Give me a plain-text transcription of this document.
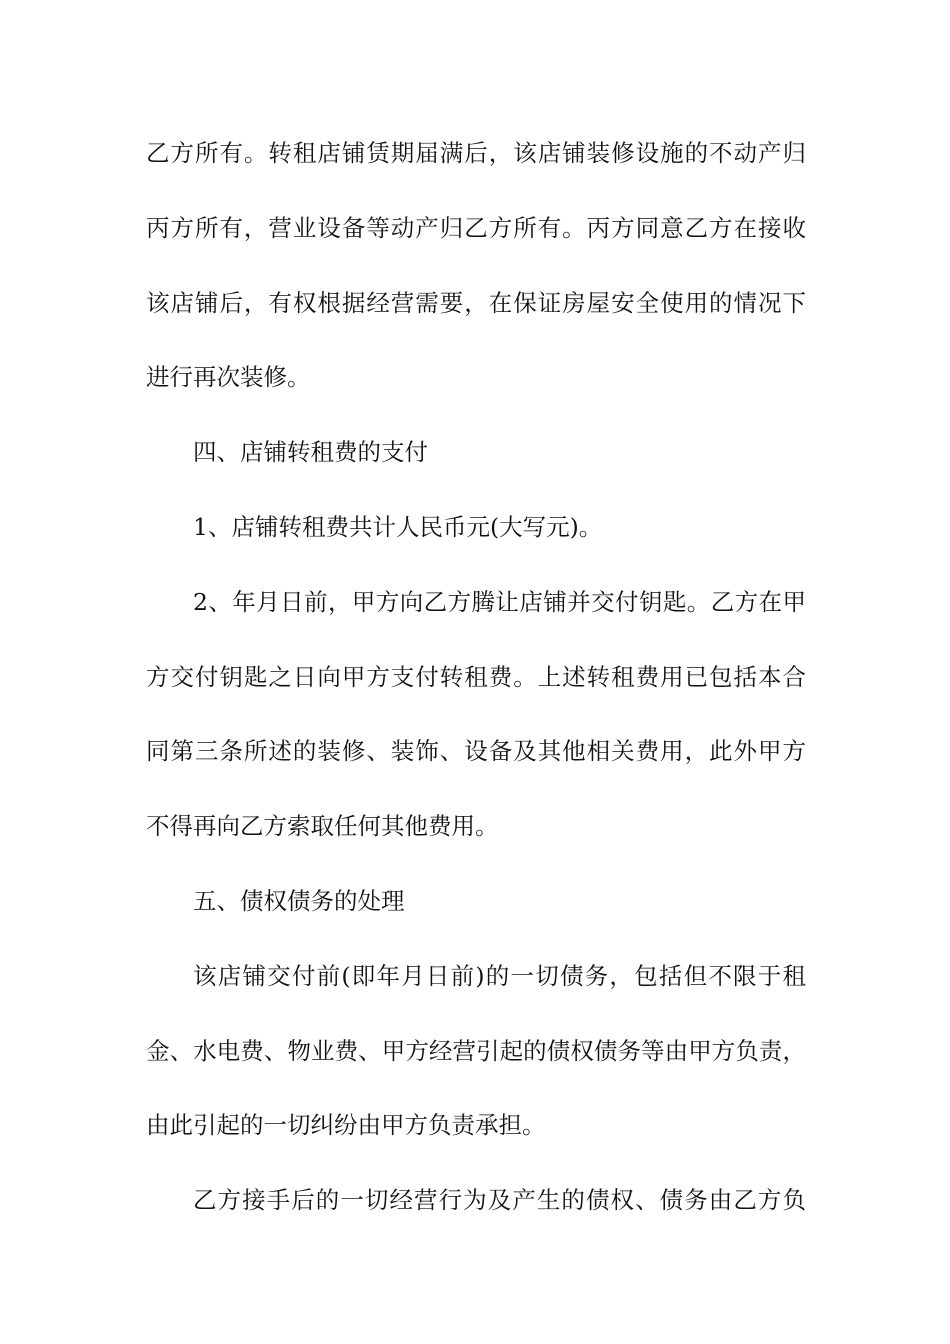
乙方所有。转租店铺赁期届满后，该店铺装修设施的不动产归
丙方所有，营业设备等动产归乙方所有。丙方同意乙方在接收
该店铺后，有权根据经营需要，在保证房屋安全使用的情况下
进行再次装修。
四、店铺转租费的支付
1、店铺转租费共计人民币元(大写元)。
2、年月日前，甲方向乙方腾让店铺并交付钥匙。乙方在甲
方交付钥匙之日向甲方支付转租费。上述转租费用已包括本合
同第三条所述的装修、装饰、设备及其他相关费用，此外甲方
不得再向乙方索取任何其他费用。
五、债权债务的处理
该店铺交付前(即年月日前)的一切债务，包括但不限于租
金、水电费、物业费、甲方经营引起的债权债务等由甲方负责，
由此引起的一切纠纷由甲方负责承担。
乙方接手后的一切经营行为及产生的债权、债务由乙方负
